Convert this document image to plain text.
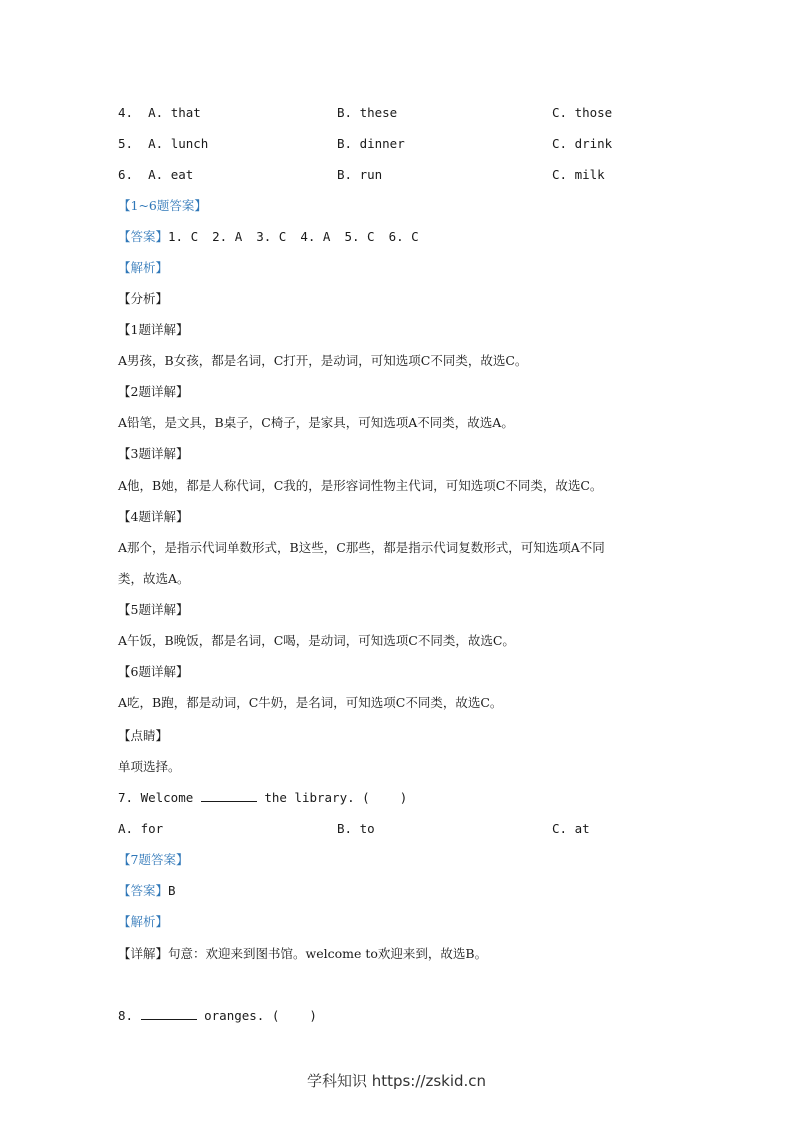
4. A. that	B. these	C. those
5. A. lunch	B. dinner	C. drink
6. A. eat	B. run	C. milk
【1~6题答案】
【答案】1. C 2. A 3. C 4. A 5. C 6. C
【解析】
【分析】
【1题详解】
A男孩，B女孩，都是名词，C打开，是动词，可知选项C不同类，故选C。
【2题详解】
A铅笔，是文具，B桌子，C椅子，是家具，可知选项A不同类，故选A。
【3题详解】
A他，B她，都是人称代词，C我的，是形容词性物主代词，可知选项C不同类，故选C。
【4题详解】
A那个，是指示代词单数形式，B这些，C那些，都是指示代词复数形式，可知选项A不同
类，故选A。
【5题详解】
A午饭，B晚饭，都是名词，C喝，是动词，可知选项C不同类，故选C。
【6题详解】
A吃，B跑，都是动词，C牛奶，是名词，可知选项C不同类，故选C。
【点睛】
单项选择。
7. Welcome	the library. ( )
A. for	B. to	C. at
【7题答案】
【答案】B
【解析】
【详解】句意：欢迎来到图书馆。welcome to欢迎来到，故选B。
8.	oranges. ( )
学科知识 https://zskid.cn
